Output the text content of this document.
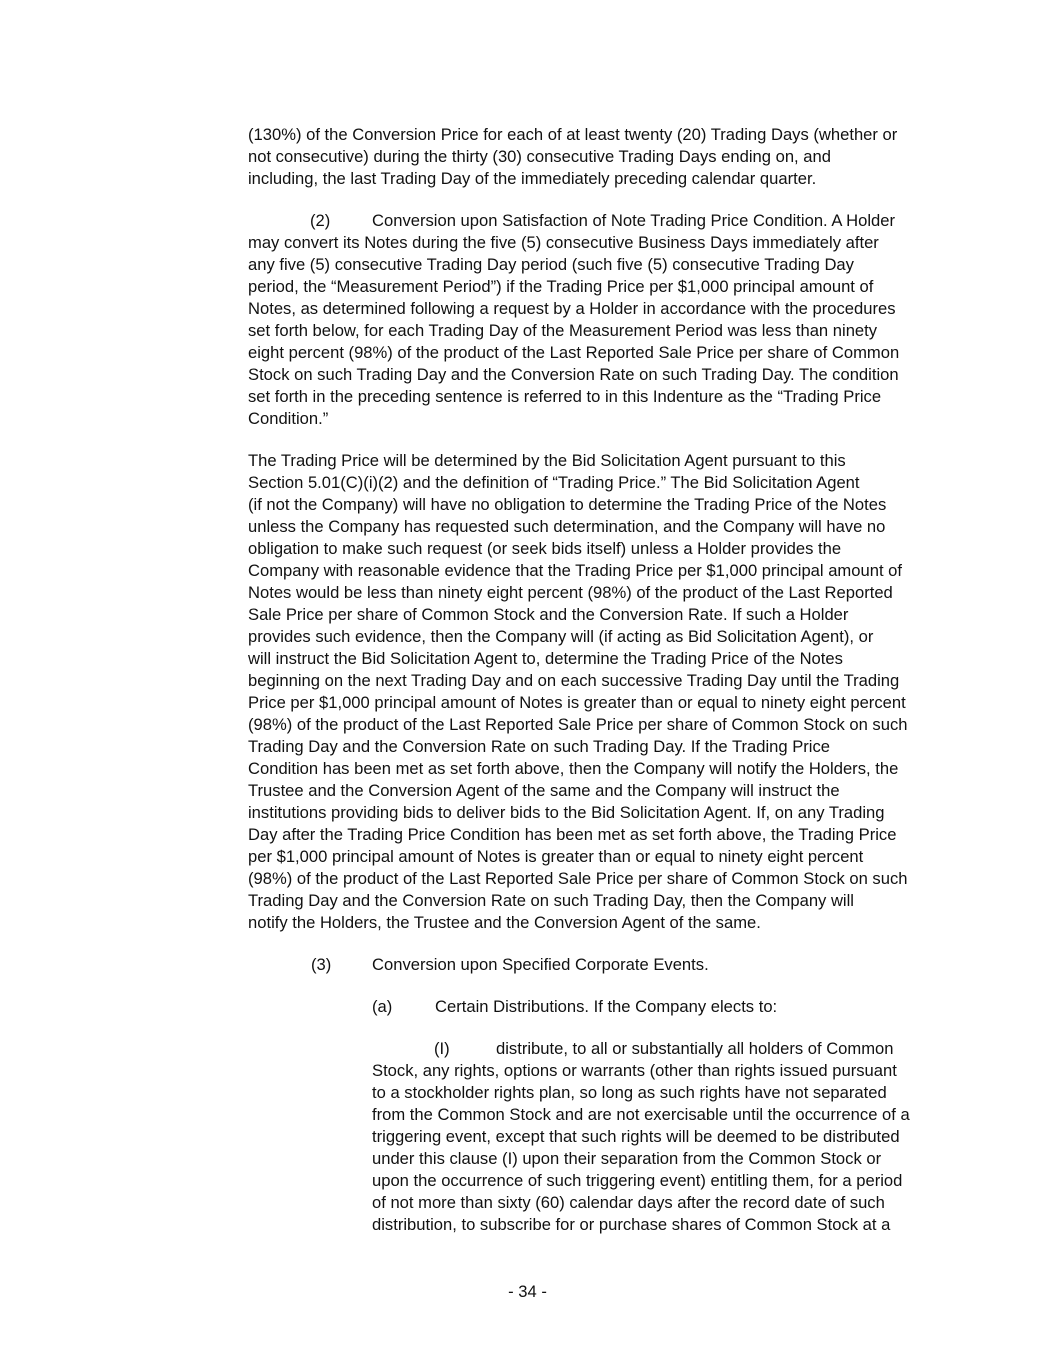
(130%) of the Conversion Price for each of at least twenty (20) Trading Days (whether or
not consecutive) during the thirty (30) consecutive Trading Days ending on, and
including, the last Trading Day of the immediately preceding calendar quarter.

(2)	Conversion upon Satisfaction of Note Trading Price Condition. A Holder
may convert its Notes during the five (5) consecutive Business Days immediately after
any five (5) consecutive Trading Day period (such five (5) consecutive Trading Day
period, the “Measurement Period”) if the Trading Price per $1,000 principal amount of
Notes, as determined following a request by a Holder in accordance with the procedures
set forth below, for each Trading Day of the Measurement Period was less than ninety
eight percent (98%) of the product of the Last Reported Sale Price per share of Common
Stock on such Trading Day and the Conversion Rate on such Trading Day. The condition
set forth in the preceding sentence is referred to in this Indenture as the “Trading Price
Condition.”

The Trading Price will be determined by the Bid Solicitation Agent pursuant to this
Section 5.01(C)(i)(2) and the definition of “Trading Price.” The Bid Solicitation Agent
(if not the Company) will have no obligation to determine the Trading Price of the Notes
unless the Company has requested such determination, and the Company will have no
obligation to make such request (or seek bids itself) unless a Holder provides the
Company with reasonable evidence that the Trading Price per $1,000 principal amount of
Notes would be less than ninety eight percent (98%) of the product of the Last Reported
Sale Price per share of Common Stock and the Conversion Rate. If such a Holder
provides such evidence, then the Company will (if acting as Bid Solicitation Agent), or
will instruct the Bid Solicitation Agent to, determine the Trading Price of the Notes
beginning on the next Trading Day and on each successive Trading Day until the Trading
Price per $1,000 principal amount of Notes is greater than or equal to ninety eight percent
(98%) of the product of the Last Reported Sale Price per share of Common Stock on such
Trading Day and the Conversion Rate on such Trading Day. If the Trading Price
Condition has been met as set forth above, then the Company will notify the Holders, the
Trustee and the Conversion Agent of the same and the Company will instruct the
institutions providing bids to deliver bids to the Bid Solicitation Agent. If, on any Trading
Day after the Trading Price Condition has been met as set forth above, the Trading Price
per $1,000 principal amount of Notes is greater than or equal to ninety eight percent
(98%) of the product of the Last Reported Sale Price per share of Common Stock on such
Trading Day and the Conversion Rate on such Trading Day, then the Company will
notify the Holders, the Trustee and the Conversion Agent of the same.

(3)	Conversion upon Specified Corporate Events.
(a)	Certain Distributions. If the Company elects to:

(I)	distribute, to all or substantially all holders of Common
Stock, any rights, options or warrants (other than rights issued pursuant
to a stockholder rights plan, so long as such rights have not separated
from the Common Stock and are not exercisable until the occurrence of a
triggering event, except that such rights will be deemed to be distributed
under this clause (I) upon their separation from the Common Stock or
upon the occurrence of such triggering event) entitling them, for a period
of not more than sixty (60) calendar days after the record date of such
distribution, to subscribe for or purchase shares of Common Stock at a

- 34 -
